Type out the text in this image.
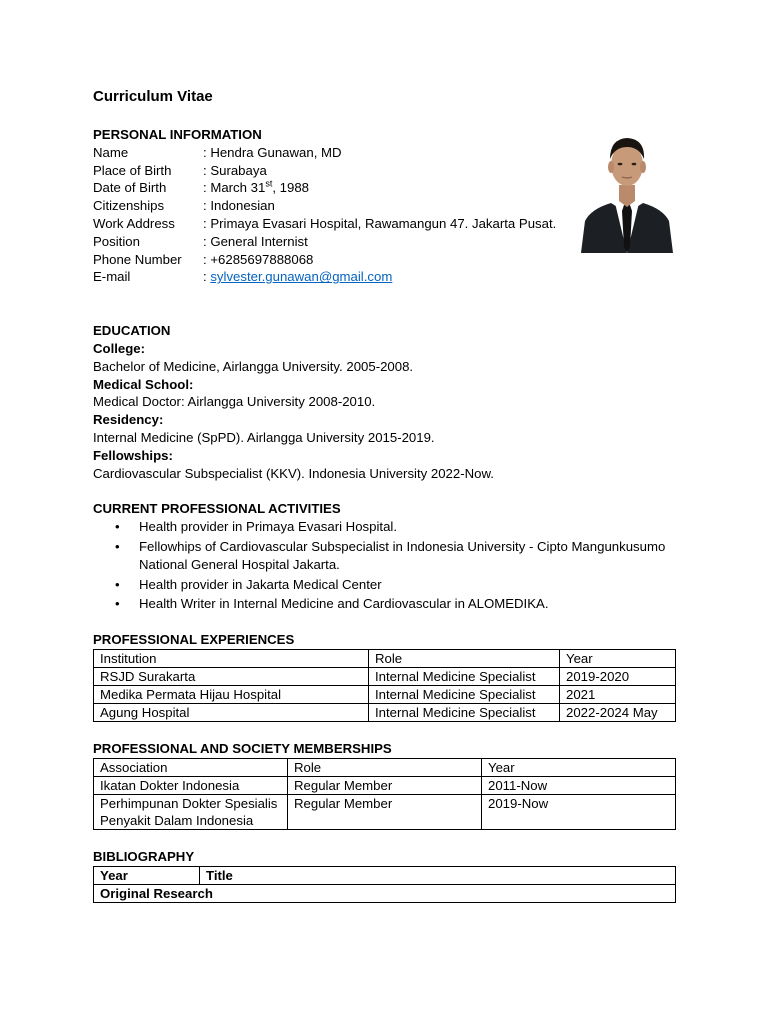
Curriculum Vitae
PERSONAL INFORMATION
Name	: Hendra Gunawan, MD
Place of Birth	: Surabaya
Date of Birth	: March 31st, 1988
Citizenships	: Indonesian
Work Address	: Primaya Evasari Hospital, Rawamangun 47. Jakarta Pusat.
Position	: General Internist
Phone Number	: +6285697888068
E-mail	: sylvester.gunawan@gmail.com
EDUCATION
College:
Bachelor of Medicine, Airlangga University. 2005-2008.
Medical School:
Medical Doctor: Airlangga University 2008-2010.
Residency:
Internal Medicine (SpPD). Airlangga University 2015-2019.
Fellowships:
Cardiovascular Subspecialist (KKV). Indonesia University 2022-Now.
CURRENT PROFESSIONAL ACTIVITIES
• Health provider in Primaya Evasari Hospital.
• Fellowhips of Cardiovascular Subspecialist in Indonesia University - Cipto Mangunkusumo National General Hospital Jakarta.
• Health provider in Jakarta Medical Center
• Health Writer in Internal Medicine and Cardiovascular in ALOMEDIKA.
PROFESSIONAL EXPERIENCES
Institution	Role	Year
RSJD Surakarta	Internal Medicine Specialist	2019-2020
Medika Permata Hijau Hospital	Internal Medicine Specialist	2021
Agung Hospital	Internal Medicine Specialist	2022-2024 May
PROFESSIONAL AND SOCIETY MEMBERSHIPS
Association	Role	Year
Ikatan Dokter Indonesia	Regular Member	2011-Now
Perhimpunan Dokter Spesialis Penyakit Dalam Indonesia	Regular Member	2019-Now
BIBLIOGRAPHY
Year	Title
Original Research
